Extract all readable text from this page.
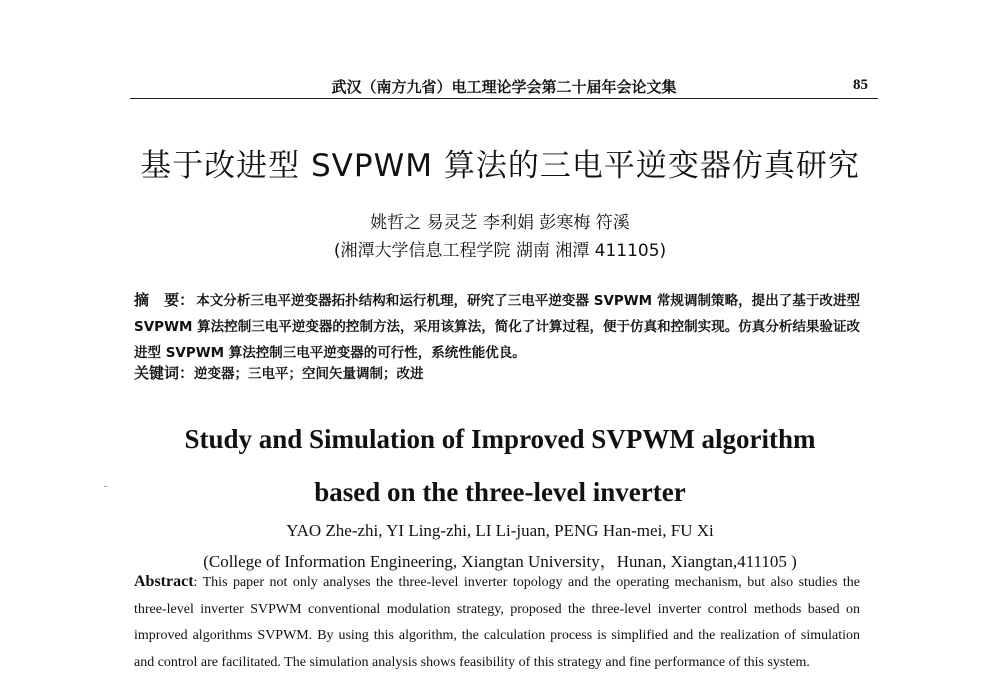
武汉（南方九省）电工理论学会第二十届年会论文集	85
基于改进型 SVPWM 算法的三电平逆变器仿真研究
姚哲之 易灵芝 李利娟 彭寒梅 符溪
(湘潭大学信息工程学院 湖南 湘潭 411105)
摘　要： 本文分析三电平逆变器拓扑结构和运行机理，研究了三电平逆变器 SVPWM 常规调制策略，提出了基于改进型 SVPWM 算法控制三电平逆变器的控制方法，采用该算法，简化了计算过程，便于仿真和控制实现。仿真分析结果验证改进型 SVPWM 算法控制三电平逆变器的可行性，系统性能优良。
关键词：逆变器；三电平；空间矢量调制；改进
Study and Simulation of Improved SVPWM algorithm
based on the three-level inverter
YAO Zhe-zhi, YI Ling-zhi, LI Li-juan, PENG Han-mei, FU Xi
(College of Information Engineering, Xiangtan University，Hunan, Xiangtan,411105 )
Abstract: This paper not only analyses the three-level inverter topology and the operating mechanism, but also studies the three-level inverter SVPWM conventional modulation strategy, proposed the three-level inverter control methods based on improved algorithms SVPWM. By using this algorithm, the calculation process is simplified and the realization of simulation and control are facilitated. The simulation analysis shows feasibility of this strategy and fine performance of this system.
